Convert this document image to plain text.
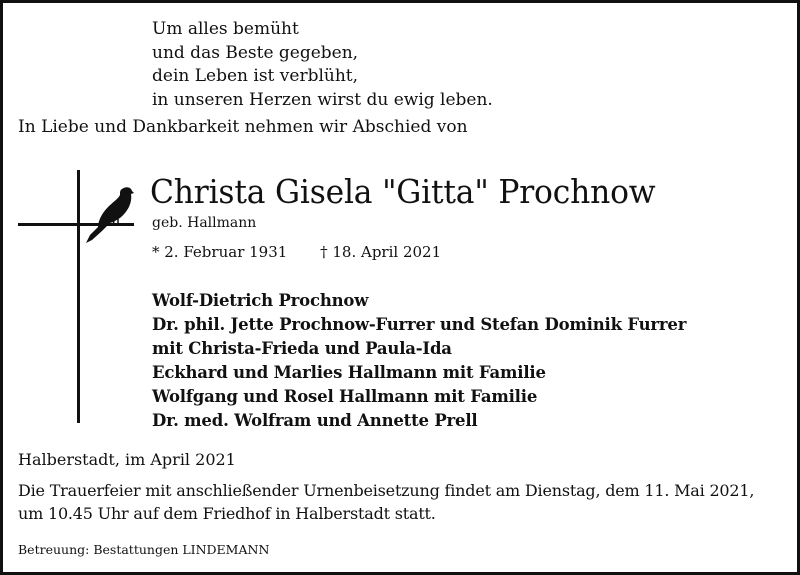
Um alles bemüht
und das Beste gegeben,
dein Leben ist verblüht,
in unseren Herzen wirst du ewig leben.
In Liebe und Dankbarkeit nehmen wir Abschied von
Christa Gisela "Gitta" Prochnow
geb. Hallmann
* 2. Februar 1931 † 18. April 2021
Wolf-Dietrich Prochnow
Dr. phil. Jette Prochnow-Furrer und Stefan Dominik Furrer
mit Christa-Frieda und Paula-Ida
Eckhard und Marlies Hallmann mit Familie
Wolfgang und Rosel Hallmann mit Familie
Dr. med. Wolfram und Annette Prell
Halberstadt, im April 2021
Die Trauerfeier mit anschließender Urnenbeisetzung findet am Dienstag, dem 11. Mai 2021, um 10.45 Uhr auf dem Friedhof in Halberstadt statt.
Betreuung: Bestattungen LINDEMANN
